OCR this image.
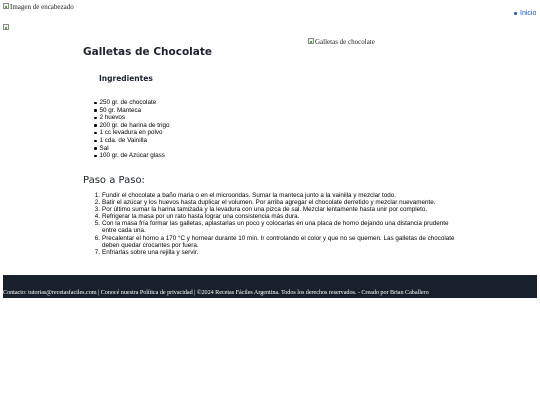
Imagen de encabezado
Inicio
Galletas de Chocolate
Galletas de chocolate
Ingredientes
250 gr. de chocolate
50 gr. Manteca
2 huevos
200 gr. de harina de trigo
1 cc levadura en polvo
1 cda. de Vainilla
Sal
100 gr. de Azúcar glass
Paso a Paso:
1. Fundir el chocolate a baño maria o en el microondas. Sumar la manteca junto a la vainilla y mezclar todo.
2. Batir el azúcar y los huevos hasta duplicar el volumen. Por arriba agregar el chocolate derretido y mezclar nuevamente.
3. Por último sumar la harina tamizada y la levadura con una pizca de sal. Mezclar lentamente hasta unir por completo.
4. Refrigerar la masa por un rato hasta lograr una consistencia más dura.
5. Con la masa fría formar las galletas, aplastarlas un poco y colocarlas en una placa de horno dejando una distancia prudente entre cada una.
6. Precalentar el horno a 170 °C y hornear durante 10 min. Ir controlando el color y que no se quemen. Las galletas de chocolate deben quedar crocantes por fuera.
7. Enfriarlas sobre una rejilla y servir.
Contacto: tutorias@recetasfaciles.com | Conocé nuestra Política de privacidad | ©2024 Recetas Fáciles Argentina. Todos los derechos reservados. - Creado por Brian Caballero
